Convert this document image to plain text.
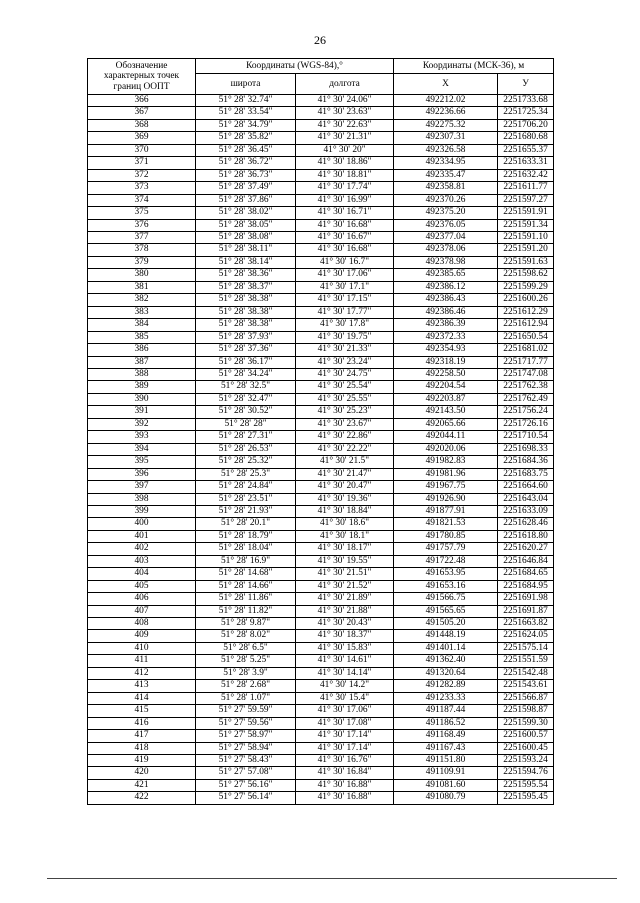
26
Обозначение характерных точек границ ООПТ	Координаты (WGS-84),°		Координаты (МСК-36), м	
	широта	долгота	X	У
366	51° 28' 32.74"	41° 30' 24.06"	492212.02	2251733.68
367	51° 28' 33.54"	41° 30' 23.63"	492236.66	2251725.34
368	51° 28' 34.79"	41° 30' 22.63"	492275.32	2251706.20
369	51° 28' 35.82"	41° 30' 21.31"	492307.31	2251680.68
370	51° 28' 36.45"	41° 30' 20"	492326.58	2251655.37
371	51° 28' 36.72"	41° 30' 18.86"	492334.95	2251633.31
372	51° 28' 36.73"	41° 30' 18.81"	492335.47	2251632.42
373	51° 28' 37.49"	41° 30' 17.74"	492358.81	2251611.77
374	51° 28' 37.86"	41° 30' 16.99"	492370.26	2251597.27
375	51° 28' 38.02"	41° 30' 16.71"	492375.20	2251591.91
376	51° 28' 38.05"	41° 30' 16.68"	492376.05	2251591.34
377	51° 28' 38.08"	41° 30' 16.67"	492377.04	2251591.10
378	51° 28' 38.11"	41° 30' 16.68"	492378.06	2251591.20
379	51° 28' 38.14"	41° 30' 16.7"	492378.98	2251591.63
380	51° 28' 38.36"	41° 30' 17.06"	492385.65	2251598.62
381	51° 28' 38.37"	41° 30' 17.1"	492386.12	2251599.29
382	51° 28' 38.38"	41° 30' 17.15"	492386.43	2251600.26
383	51° 28' 38.38"	41° 30' 17.77"	492386.46	2251612.29
384	51° 28' 38.38"	41° 30' 17.8"	492386.39	2251612.94
385	51° 28' 37.93"	41° 30' 19.75"	492372.33	2251650.54
386	51° 28' 37.36"	41° 30' 21.33"	492354.93	2251681.02
387	51° 28' 36.17"	41° 30' 23.24"	492318.19	2251717.77
388	51° 28' 34.24"	41° 30' 24.75"	492258.50	2251747.08
389	51° 28' 32.5"	41° 30' 25.54"	492204.54	2251762.38
390	51° 28' 32.47"	41° 30' 25.55"	492203.87	2251762.49
391	51° 28' 30.52"	41° 30' 25.23"	492143.50	2251756.24
392	51° 28' 28"	41° 30' 23.67"	492065.66	2251726.16
393	51° 28' 27.31"	41° 30' 22.86"	492044.11	2251710.54
394	51° 28' 26.53"	41° 30' 22.22"	492020.06	2251698.33
395	51° 28' 25.32"	41° 30' 21.5"	491982.83	2251684.36
396	51° 28' 25.3"	41° 30' 21.47"	491981.96	2251683.75
397	51° 28' 24.84"	41° 30' 20.47"	491967.75	2251664.60
398	51° 28' 23.51"	41° 30' 19.36"	491926.90	2251643.04
399	51° 28' 21.93"	41° 30' 18.84"	491877.91	2251633.09
400	51° 28' 20.1"	41° 30' 18.6"	491821.53	2251628.46
401	51° 28' 18.79"	41° 30' 18.1"	491780.85	2251618.80
402	51° 28' 18.04"	41° 30' 18.17"	491757.79	2251620.27
403	51° 28' 16.9"	41° 30' 19.55"	491722.48	2251646.84
404	51° 28' 14.68"	41° 30' 21.51"	491653.95	2251684.65
405	51° 28' 14.66"	41° 30' 21.52"	491653.16	2251684.95
406	51° 28' 11.86"	41° 30' 21.89"	491566.75	2251691.98
407	51° 28' 11.82"	41° 30' 21.88"	491565.65	2251691.87
408	51° 28' 9.87"	41° 30' 20.43"	491505.20	2251663.82
409	51° 28' 8.02"	41° 30' 18.37"	491448.19	2251624.05
410	51° 28' 6.5"	41° 30' 15.83"	491401.14	2251575.14
411	51° 28' 5.25"	41° 30' 14.61"	491362.40	2251551.59
412	51° 28' 3.9"	41° 30' 14.14"	491320.64	2251542.48
413	51° 28' 2.68"	41° 30' 14.2"	491282.89	2251543.61
414	51° 28' 1.07"	41° 30' 15.4"	491233.33	2251566.87
415	51° 27' 59.59"	41° 30' 17.06"	491187.44	2251598.87
416	51° 27' 59.56"	41° 30' 17.08"	491186.52	2251599.30
417	51° 27' 58.97"	41° 30' 17.14"	491168.49	2251600.57
418	51° 27' 58.94"	41° 30' 17.14"	491167.43	2251600.45
419	51° 27' 58.43"	41° 30' 16.76"	491151.80	2251593.24
420	51° 27' 57.08"	41° 30' 16.84"	491109.91	2251594.76
421	51° 27' 56.16"	41° 30' 16.88"	491081.60	2251595.54
422	51° 27' 56.14"	41° 30' 16.88"	491080.79	2251595.45
